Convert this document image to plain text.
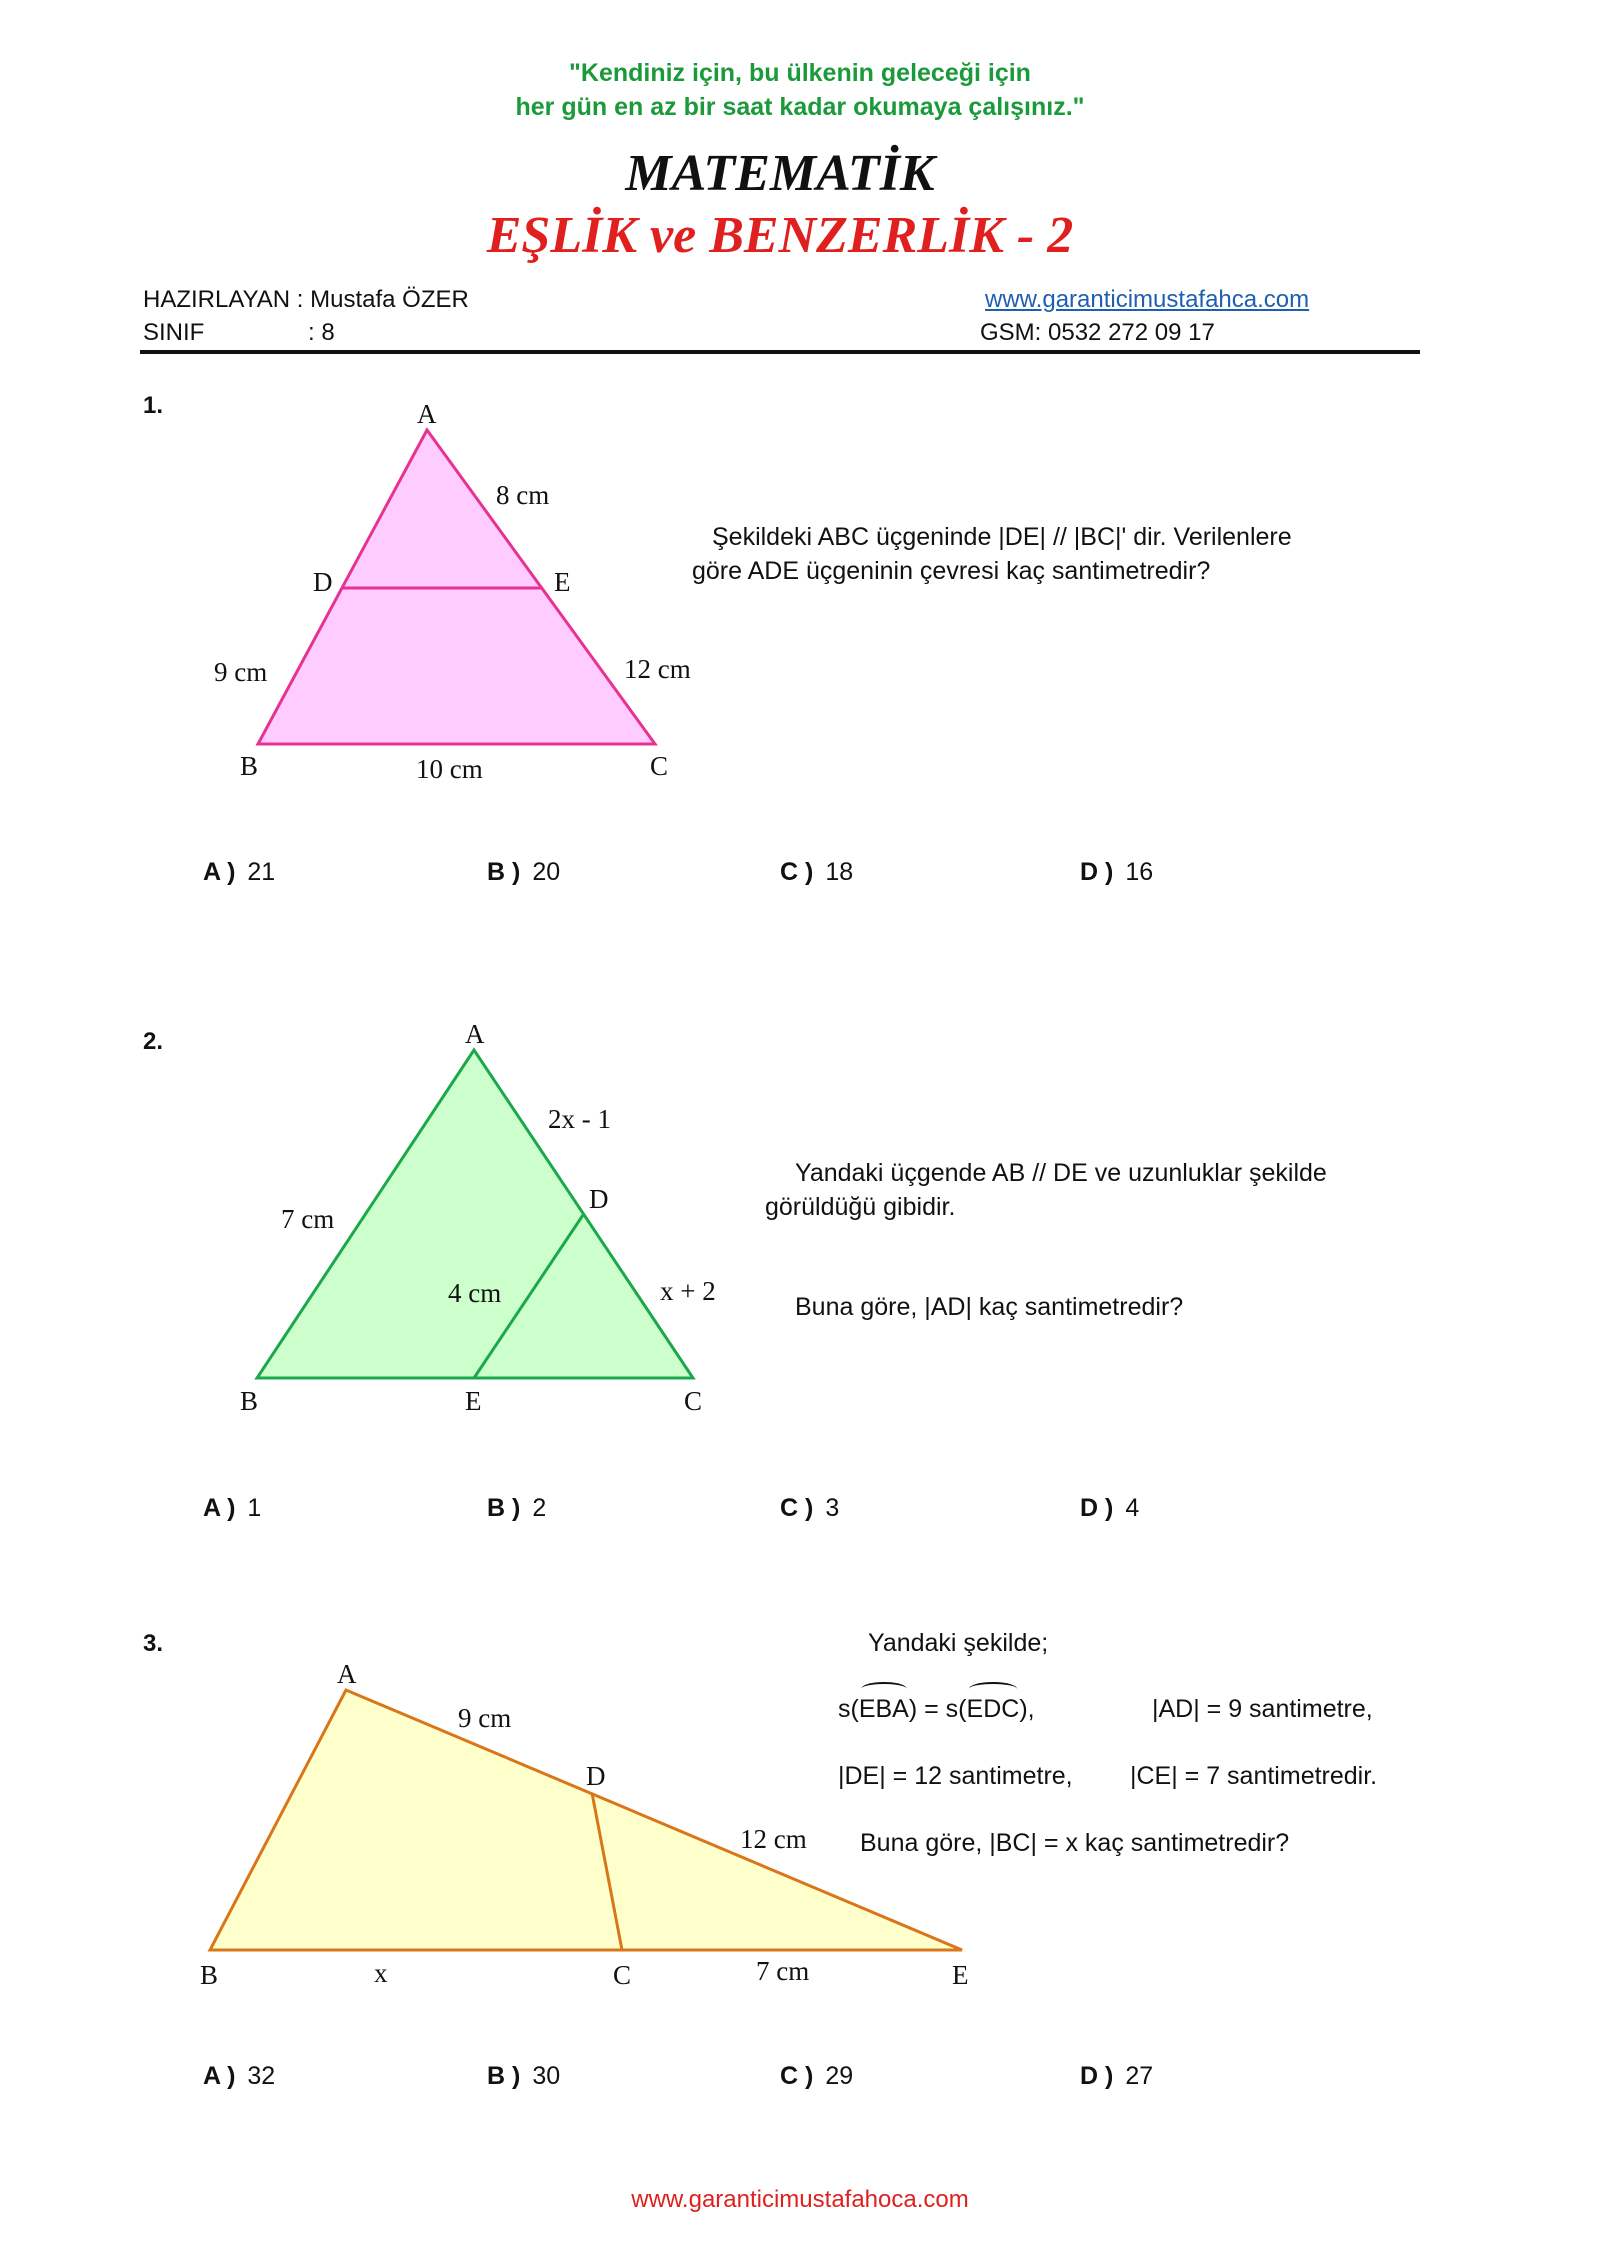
"Kendiniz için, bu ülkenin geleceği için
her gün en az bir saat kadar okumaya çalışınız."
MATEMATİK
EŞLİK ve BENZERLİK - 2
HAZIRLAYAN : Mustafa ÖZER	www.garanticimustafahca.com
SINIF	: 8	GSM: 0532 272 09 17
1.	A
D	E
B	C
8 cm
9 cm	12 cm
10 cm
A
D
B	E	C
2x - 1
7 cm
4 cm	x + 2
A
D
B	C	E
9 cm
12 cm
x	7 cm
Şekildeki ABC üçgeninde |DE| // |BC|' dir. Verilenlere
göre ADE üçgeninin çevresi kaç santimetredir?
A ) 21	B ) 20	C ) 18	D ) 16
2.
Yandaki üçgende AB // DE ve uzunluklar şekilde
görüldüğü gibidir.
Buna göre, |AD| kaç santimetredir?
A ) 1	B ) 2	C ) 3	D ) 4
3.	Yandaki şekilde;
s(
EBA) = s(
EDC),	|AD| = 9 santimetre,
|DE| = 12 santimetre, |CE| = 7 santimetredir.
Buna göre, |BC| = x kaç santimetredir?
A ) 32	B ) 30	C ) 29	D ) 27
www.garanticimustafahoca.com
